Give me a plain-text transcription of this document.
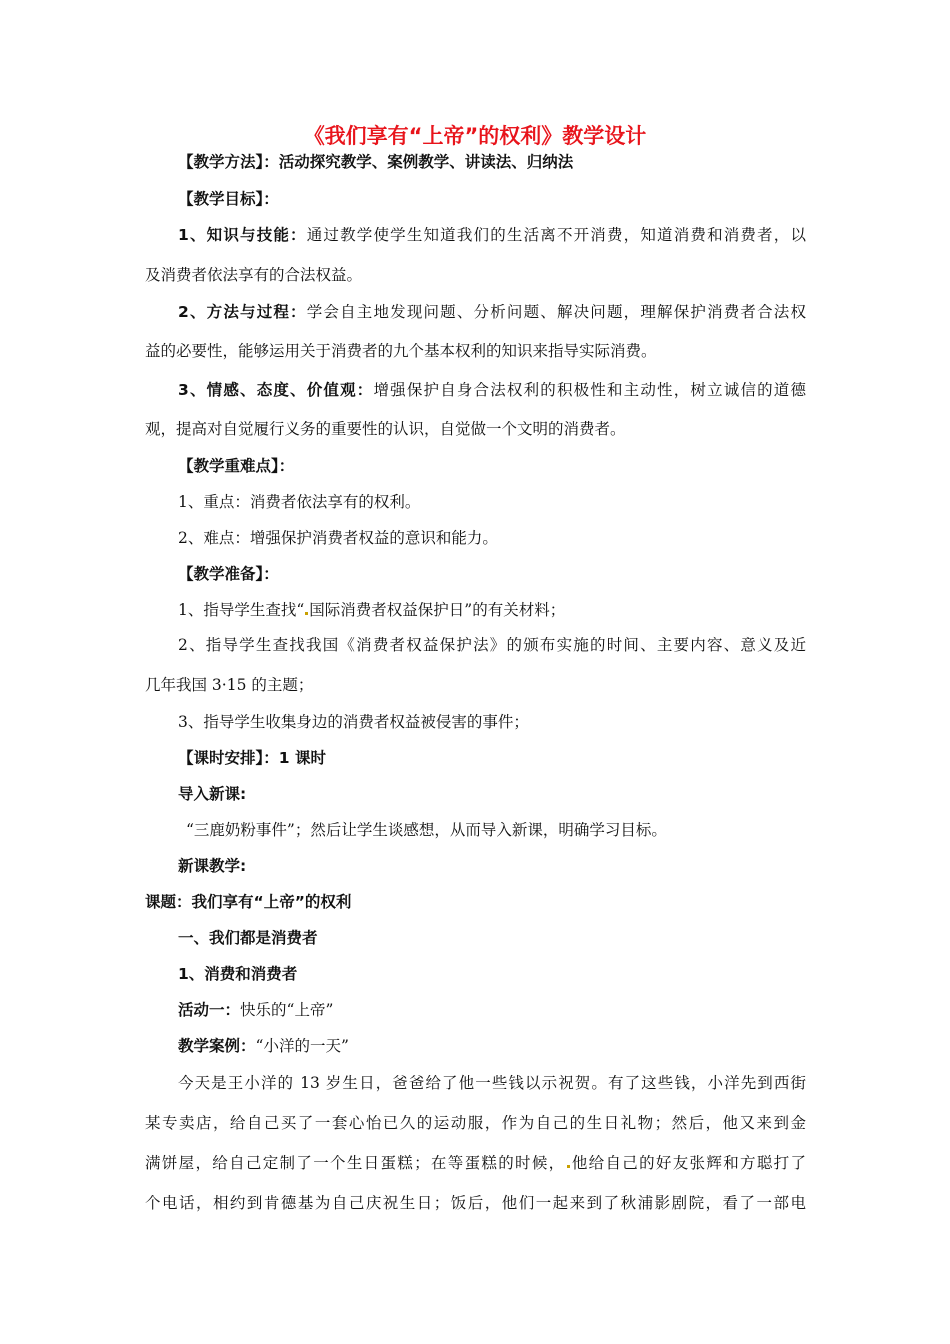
《我们享有“上帝”的权利》教学设计
【教学方法】：活动探究教学、案例教学、讲读法、归纳法
【教学目标】：
1、知识与技能：通过教学使学生知道我们的生活离不开消费，知道消费和消费者，以
及消费者依法享有的合法权益。
2、方法与过程：学会自主地发现问题、分析问题、解决问题，理解保护消费者合法权
益的必要性，能够运用关于消费者的九个基本权利的知识来指导实际消费。
3、情感、态度、价值观：增强保护自身合法权利的积极性和主动性，树立诚信的道德
观，提高对自觉履行义务的重要性的认识，自觉做一个文明的消费者。
【教学重难点】：
1、重点：消费者依法享有的权利。
2、难点：增强保护消费者权益的意识和能力。
【教学准备】：
1、指导学生查找“ 国际消费者权益保护日”的有关材料；
2、指导学生查找我国《消费者权益保护法》的颁布实施的时间、主要内容、意义及近
几年我国 3·15 的主题；
3、指导学生收集身边的消费者权益被侵害的事件；
【课时安排】：1 课时
导入新课:
“三鹿奶粉事件”；然后让学生谈感想，从而导入新课，明确学习目标。
新课教学:
课题：我们享有“上帝”的权利
一、我们都是消费者
1、消费和消费者
活动一：快乐的“上帝”
教学案例：“小洋的一天”
今天是王小洋的 13 岁生日，爸爸给了他一些钱以示祝贺。有了这些钱，小洋先到西街
某专卖店，给自己买了一套心怡已久的运动服，作为自己的生日礼物；然后，他又来到金
满饼屋，给自己定制了一个生日蛋糕；在等蛋糕的时候， 他给自己的好友张辉和方聪打了
个电话，相约到肯德基为自己庆祝生日；饭后，他们一起来到了秋浦影剧院，看了一部电
